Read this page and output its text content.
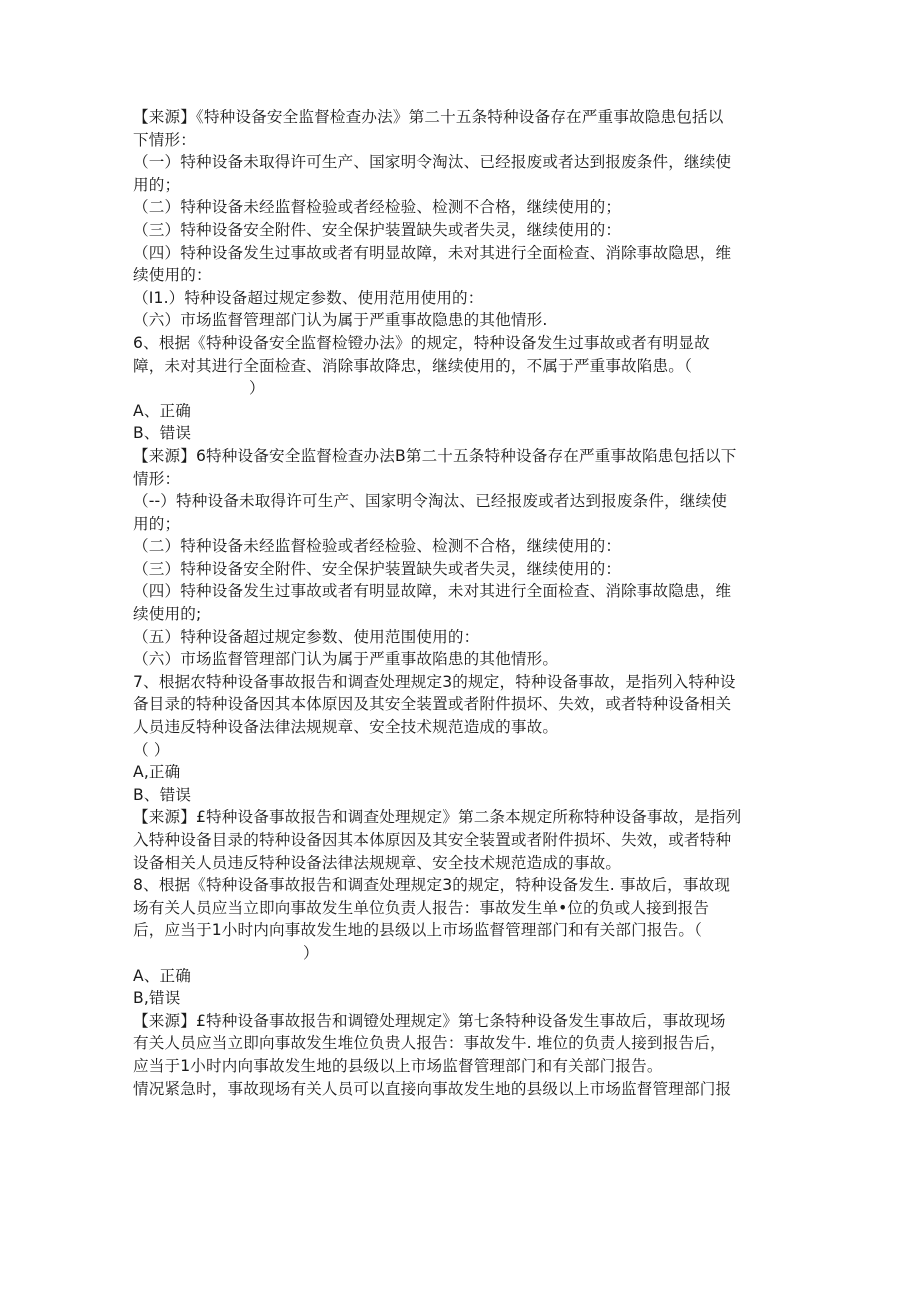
【来源】《特种设备安全监督检查办法》第二十五条特种设备存在严重事故隐患包括以
下情形：
（一）特种设备未取得许可生产、国家明令淘汰、已经报废或者达到报废条件，继续使
用的；
（二）特种设备未经监督检验或者经检验、检测不合格，继续使用的；
（三）特种设备安全附件、安全保护装置缺失或者失灵，继续使用的：
（四）特种设备发生过事故或者有明显故障，未对其进行全面检查、消除事故隐思，维
续使用的：
（I1.）特种设备超过规定参数、使用范用使用的：
（六）市场监督管理部门认为属于严重事故隐患的其他情形.
6、根据《特种设备安全监督检镫办法》的规定，特种设备发生过事故或者有明显故
障，未对其进行全面检查、消除事故降忠，继续使用的，不属于严重事故陷患。（
）
A、正确
B、错误
【来源】6特种设备安全监督检查办法B第二十五条特种设备存在严重事故陷患包括以下
情形：
（--）特种设备未取得许可生产、国家明令淘汰、已经报废或者达到报废条件，继续使
用的；
（二）特种设备未经监督检验或者经检验、检测不合格，继续使用的：
（三）特种设备安全附件、安全保护装置缺失或者失灵，继续使用的：
（四）特种设备发生过事故或者有明显故障，未对其进行全面检查、消除事故隐患，维
续使用的;
（五）特种设备超过规定参数、使用范围使用的：
（六）市场监督管理部门认为属于严重事故陷患的其他情形。
7、根据农特种设备事故报告和调查处理规定3的规定，特种设备事故，是指列入特种设
备目录的特种设备因其本体原因及其安全装置或者附件损坏、失效，或者特种设备相关
人员违反特种设备法律法规规章、安全技术规范造成的事故。
（ ）
A,正确
B、错误
【来源】£特种设备事故报告和调查处理规定》第二条本规定所称特种设备事故，是指列
入特种设备目录的特种设备因其本体原因及其安全装置或者附件损坏、失效，或者特种
设备相关人员违反特种设备法律法规规章、安全技术规范造成的事故。
8、根据《特种设备事故报告和调查处理规定3的规定，特种设备发生. 事故后，事故现
场有关人员应当立即向事故发生单位负责人报告：事故发生单•位的负或人接到报告
后，应当于1小时内向事故发生地的县级以上市场监督管理部门和有关部门报告。（
）
A、正确
B,错误
【来源】£特种设备事故报告和调镫处理规定》第七条特种设备发生事故后，事故现场
有关人员应当立即向事故发生堆位负贵人报告：事故发牛. 堆位的负责人接到报告后，
应当于1小时内向事故发生地的县级以上市场监督管理部门和有关部门报告。
情况紧急时，事故现场有关人员可以直接向事故发生地的县级以上市场监督管理部门报
